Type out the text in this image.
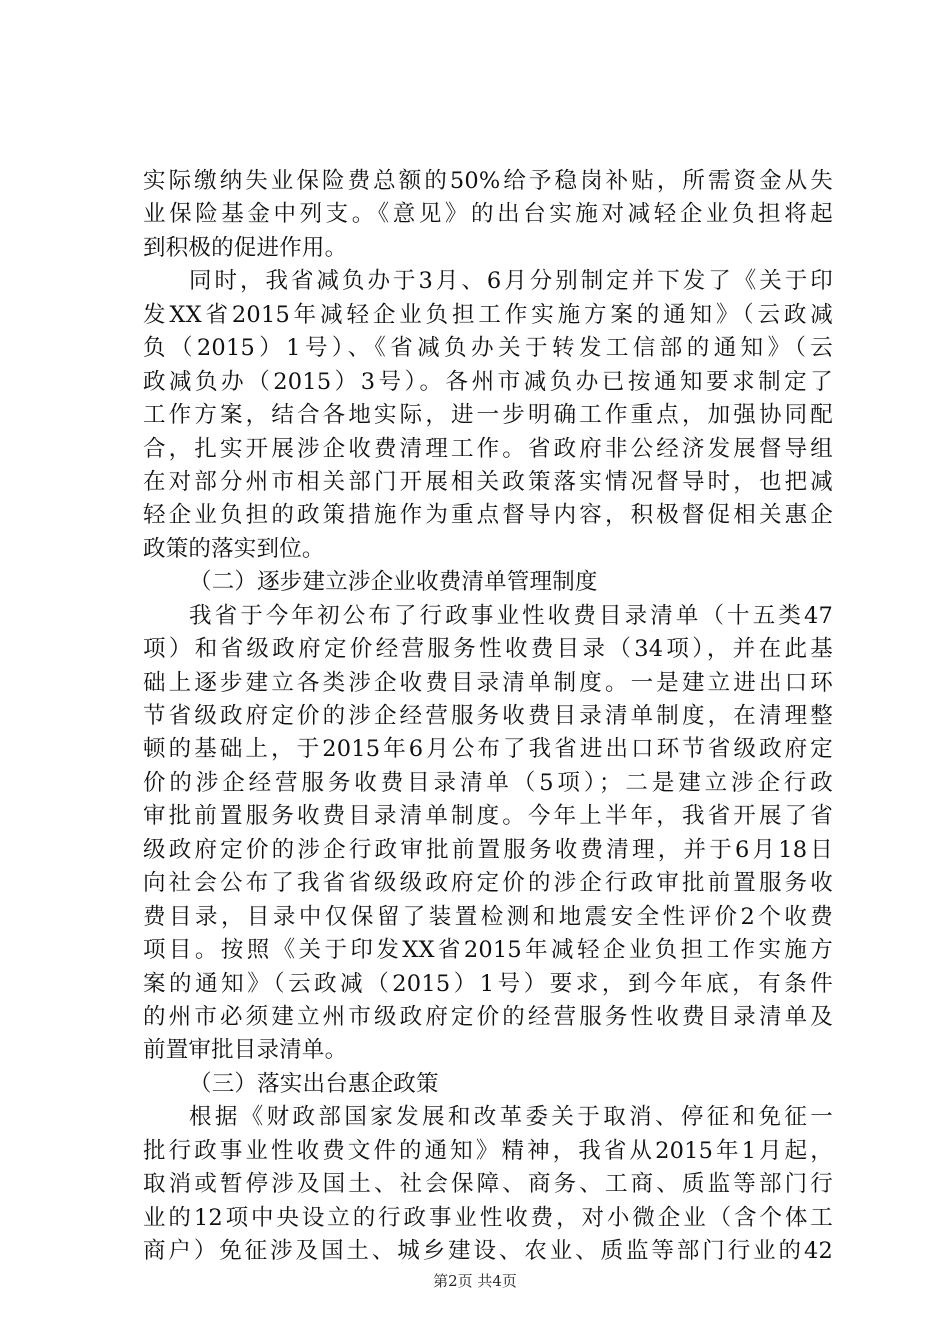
实际缴纳失业保险费总额的50%给予稳岗补贴，所需资金从失
业保险基金中列支。《意见》的出台实施对减轻企业负担将起
到积极的促进作用。
同时，我省减负办于3月、6月分别制定并下发了《关于印
发XX省2015年减轻企业负担工作实施方案的通知》（云政减
负（2015）1号）、《省减负办关于转发工信部的通知》（云
政减负办（2015）3号）。各州市减负办已按通知要求制定了
工作方案，结合各地实际，进一步明确工作重点，加强协同配
合，扎实开展涉企收费清理工作。省政府非公经济发展督导组
在对部分州市相关部门开展相关政策落实情况督导时，也把减
轻企业负担的政策措施作为重点督导内容，积极督促相关惠企
政策的落实到位。
（二）逐步建立涉企业收费清单管理制度
我省于今年初公布了行政事业性收费目录清单（十五类47
项）和省级政府定价经营服务性收费目录（34项），并在此基
础上逐步建立各类涉企收费目录清单制度。一是建立进出口环
节省级政府定价的涉企经营服务收费目录清单制度，在清理整
顿的基础上，于2015年6月公布了我省进出口环节省级政府定
价的涉企经营服务收费目录清单（5项）；二是建立涉企行政
审批前置服务收费目录清单制度。今年上半年，我省开展了省
级政府定价的涉企行政审批前置服务收费清理，并于6月18日
向社会公布了我省省级级政府定价的涉企行政审批前置服务收
费目录，目录中仅保留了装置检测和地震安全性评价2个收费
项目。按照《关于印发XX省2015年减轻企业负担工作实施方
案的通知》（云政减（2015）1号）要求，到今年底，有条件
的州市必须建立州市级政府定价的经营服务性收费目录清单及
前置审批目录清单。
（三）落实出台惠企政策
根据《财政部国家发展和改革委关于取消、停征和免征一
批行政事业性收费文件的通知》精神，我省从2015年1月起，
取消或暂停涉及国土、社会保障、商务、工商、质监等部门行
业的12项中央设立的行政事业性收费，对小微企业（含个体工
商户）免征涉及国土、城乡建设、农业、质监等部门行业的42
第2页 共4页
